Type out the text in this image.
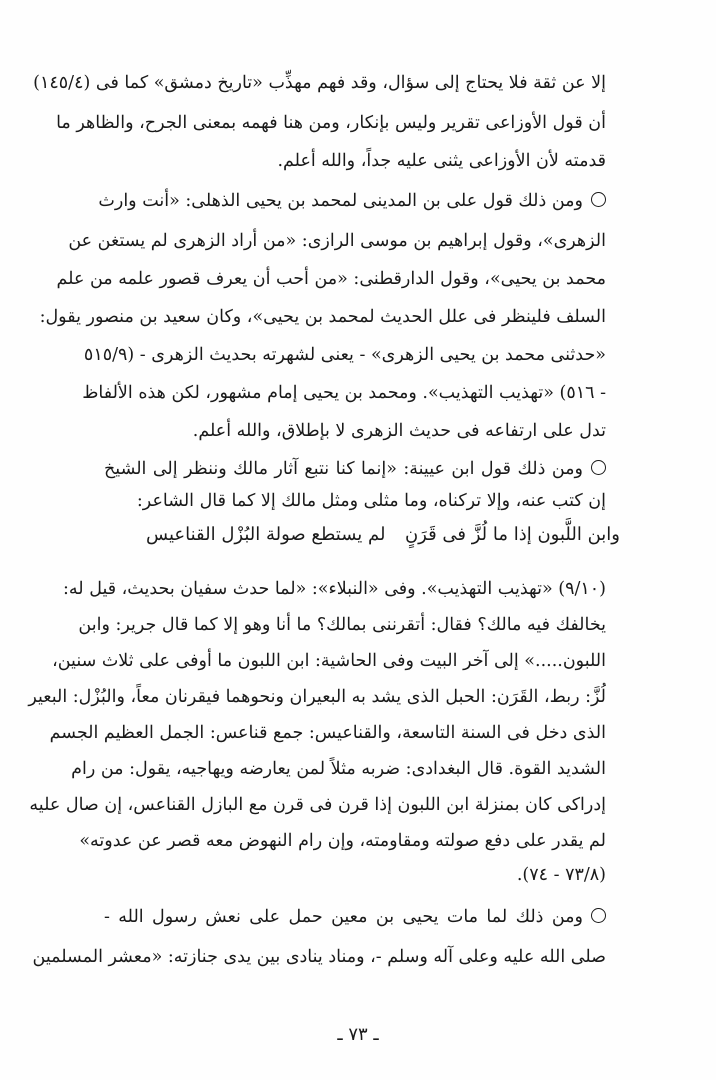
إلا عن ثقة فلا يحتاج إلى سؤال، وقد فهم مهذِّب «تاريخ دمشق» كما فى (١٤٥/٤)
أن قول الأوزاعى تقرير وليس بإنكار، ومن هنا فهمه بمعنى الجرح، والظاهر ما
قدمته لأن الأوزاعى يثنى عليه جداً، والله أعلم.
ومن ذلك قول على بن المدينى لمحمد بن يحيى الذهلى: «أنت وارث
الزهرى»، وقول إبراهيم بن موسى الرازى: «من أراد الزهرى لم يستغن عن
محمد بن يحيى»، وقول الدارقطنى: «من أحب أن يعرف قصور علمه من علم
السلف فلينظر فى علل الحديث لمحمد بن يحيى»، وكان سعيد بن منصور يقول:
«حدثنى محمد بن يحيى الزهرى» - يعنى لشهرته بحديث الزهرى - (٥١٥/٩
- ٥١٦) «تهذيب التهذيب». ومحمد بن يحيى إمام مشهور، لكن هذه الألفاظ
تدل على ارتفاعه فى حديث الزهرى لا بإطلاق، والله أعلم.
ومن ذلك قول ابن عيينة: «إنما كنا نتبع آثار مالك وننظر إلى الشيخ
إن كتب عنه، وإلا تركناه، وما مثلى ومثل مالك إلا كما قال الشاعر:
وابن اللَّبون إذا ما لُزَّ فى قَرَنٍ
لم يستطع صولة البُزْل القناعيس
(٩/١٠) «تهذيب التهذيب». وفى «النبلاء»: «لما حدث سفيان بحديث، قيل له:
يخالفك فيه مالك؟ فقال: أتقرننى بمالك؟ ما أنا وهو إلا كما قال جرير: وابن
اللبون.....» إلى آخر البيت وفى الحاشية: ابن اللبون ما أوفى على ثلاث سنين،
لُزَّ: ربط، القَرَن: الحبل الذى يشد به البعيران ونحوهما فيقرنان معاً، والبُزْل: البعير
الذى دخل فى السنة التاسعة، والقناعيس: جمع قناعس: الجمل العظيم الجسم
الشديد القوة. قال البغدادى: ضربه مثلاً لمن يعارضه ويهاجيه، يقول: من رام
إدراكى كان بمنزلة ابن اللبون إذا قرن فى قرن مع البازل القناعس، إن صال عليه
لم يقدر على دفع صولته ومقاومته، وإن رام النهوض معه قصر عن عدوته»
(٧٣/٨ - ٧٤).
ومن ذلك لما مات يحيى بن معين حمل على نعش رسول الله -
صلى الله عليه وعلى آله وسلم -، ومناد ينادى بين يدى جنازته: «معشر المسلمين
ـ ٧٣ ـ
